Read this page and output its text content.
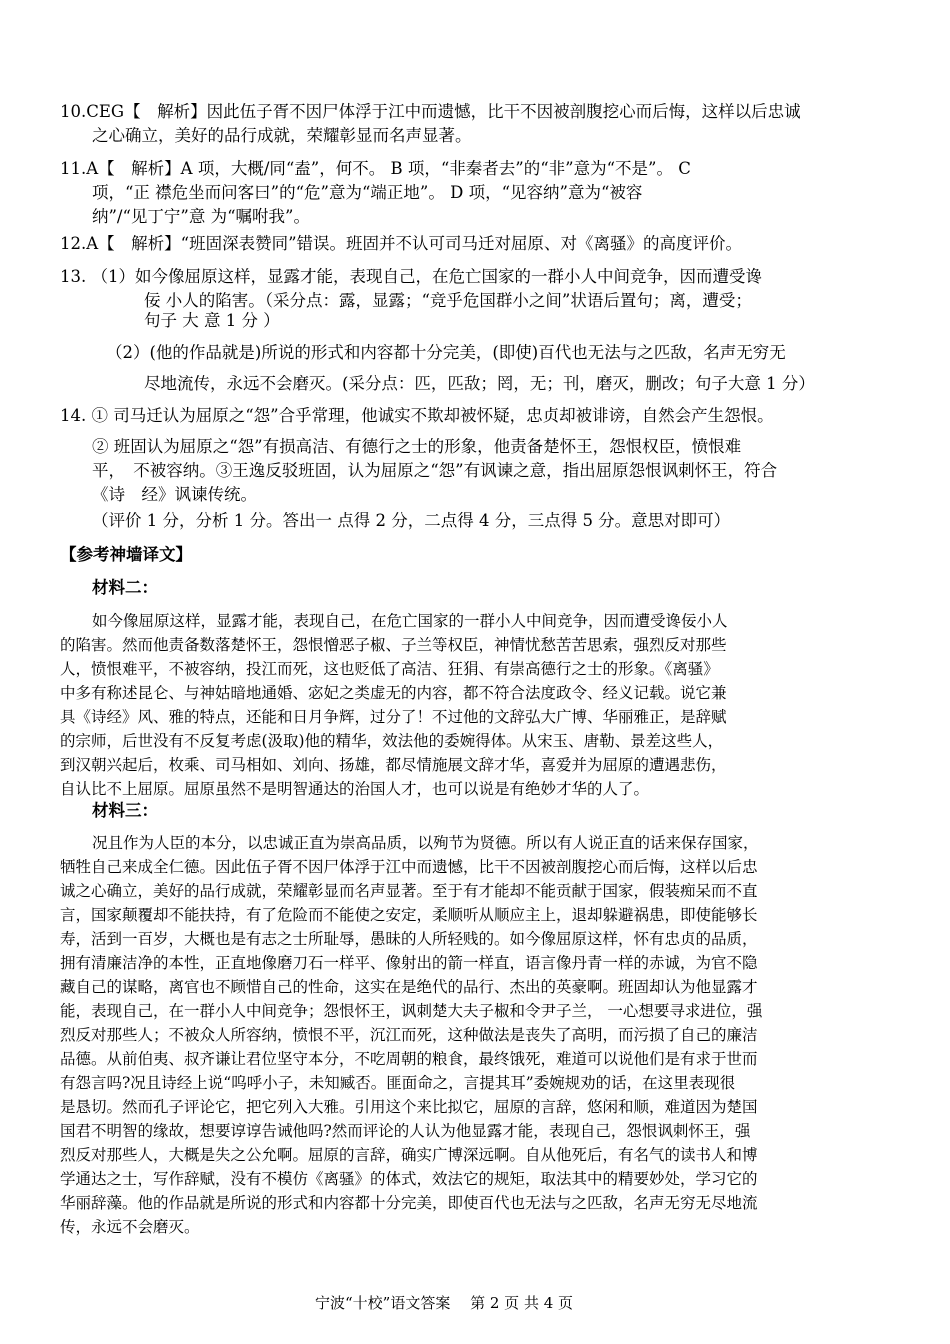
10.CEG【　解析】因此伍子胥不因尸体浮于江中而遗憾，比干不因被剖腹挖心而后悔，这样以后忠诚
之心确立，美好的品行成就，荣耀彰显而名声显著。
11.A【　解析】A 项，大概/同“盍”，何不。 B 项，“非秦者去”的“非”意为“不是”。 C
项，“正 襟危坐而问客曰”的“危”意为“端正地”。 D 项，“见容纳”意为“被容
纳”/“见丁宁”意 为“嘱咐我”。
12.A【　解析】“班固深表赞同”错误。班固并不认可司马迁对屈原、对《离骚》的高度评价。
13. （1）如今像屈原这样，显露才能，表现自己，在危亡国家的一群小人中间竞争，因而遭受谗
佞 小人的陷害。（采分点：露，显露；“竞乎危国群小之间”状语后置句；离，遭受；
句子 大 意 1 分 ）
（2）(他的作品就是)所说的形式和内容都十分完美，(即使)百代也无法与之匹敌，名声无穷无
尽地流传，永远不会磨灭。(采分点：匹，匹敌；罔，无；刊，磨灭，删改；句子大意 1 分）
14. ① 司马迁认为屈原之“怨”合乎常理，他诚实不欺却被怀疑，忠贞却被诽谤，自然会产生怨恨。
② 班固认为屈原之“怨”有损高洁、有德行之士的形象，他责备楚怀王，怨恨权臣，愤恨难
平，　不被容纳。③王逸反驳班固，认为屈原之“怨”有讽谏之意，指出屈原怨恨讽刺怀王，符合
《诗　经》讽谏传统。
（评价 1 分，分析 1 分。答出一 点得 2 分，二点得 4 分，三点得 5 分。意思对即可）
【参考神墙译文】
材料二：
如今像屈原这样，显露才能，表现自己，在危亡国家的一群小人中间竞争，因而遭受谗佞小人
的陷害。然而他责备数落楚怀王，怨恨憎恶子椒、子兰等权臣，神情忧愁苦苦思索，强烈反对那些
人，愤恨难平，不被容纳，投江而死，这也贬低了高洁、狂狷、有崇高德行之士的形象。《离骚》
中多有称述昆仑、与神姑暗地通婚、宓妃之类虚无的内容，都不符合法度政令、经义记载。说它兼
具《诗经》风、雅的特点，还能和日月争辉，过分了！不过他的文辞弘大广博、华丽雅正，是辞赋
的宗师，后世没有不反复考虑(汲取)他的精华，效法他的委婉得体。从宋玉、唐勒、景差这些人，
到汉朝兴起后，枚乘、司马相如、刘向、扬雄，都尽情施展文辞才华，喜爱并为屈原的遭遇悲伤，
自认比不上屈原。屈原虽然不是明智通达的治国人才，也可以说是有绝妙才华的人了。
材料三：
况且作为人臣的本分，以忠诚正直为崇高品质，以殉节为贤德。所以有人说正直的话来保存国家，
牺牲自己来成全仁德。因此伍子胥不因尸体浮于江中而遗憾，比干不因被剖腹挖心而后悔，这样以后忠
诚之心确立，美好的品行成就，荣耀彰显而名声显著。至于有才能却不能贡献于国家，假装痴呆而不直
言，国家颠覆却不能扶持，有了危险而不能使之安定，柔顺听从顺应主上，退却躲避祸患，即使能够长
寿，活到一百岁，大概也是有志之士所耻辱，愚昧的人所轻贱的。如今像屈原这样，怀有忠贞的品质，
拥有清廉洁净的本性，正直地像磨刀石一样平、像射出的箭一样直，语言像丹青一样的赤诚，为官不隐
藏自己的谋略，离官也不顾惜自己的性命，这实在是绝代的品行、杰出的英豪啊。班固却认为他显露才
能，表现自己，在一群小人中间竞争；怨恨怀王，讽刺楚大夫子椒和令尹子兰， 一心想要寻求进位，强
烈反对那些人；不被众人所容纳，愤恨不平，沉江而死，这种做法是丧失了高明，而污损了自己的廉洁
品德。从前伯夷、叔齐谦让君位坚守本分，不吃周朝的粮食，最终饿死，难道可以说他们是有求于世而
有怨言吗?况且诗经上说“呜呼小子，未知臧否。匪面命之，言提其耳”委婉规劝的话，在这里表现很
是恳切。然而孔子评论它，把它列入大雅。引用这个来比拟它，屈原的言辞，悠闲和顺，难道因为楚国
国君不明智的缘故，想要谆谆告诫他吗?然而评论的人认为他显露才能，表现自己，怨恨讽刺怀王，强
烈反对那些人，大概是失之公允啊。屈原的言辞，确实广博深远啊。自从他死后，有名气的读书人和博
学通达之士，写作辞赋，没有不模仿《离骚》的体式，效法它的规矩，取法其中的精要妙处，学习它的
华丽辞藻。他的作品就是所说的形式和内容都十分完美，即使百代也无法与之匹敌，名声无穷无尽地流
传，永远不会磨灭。
宁波“十校”语文答案　 第 2 页 共 4 页
